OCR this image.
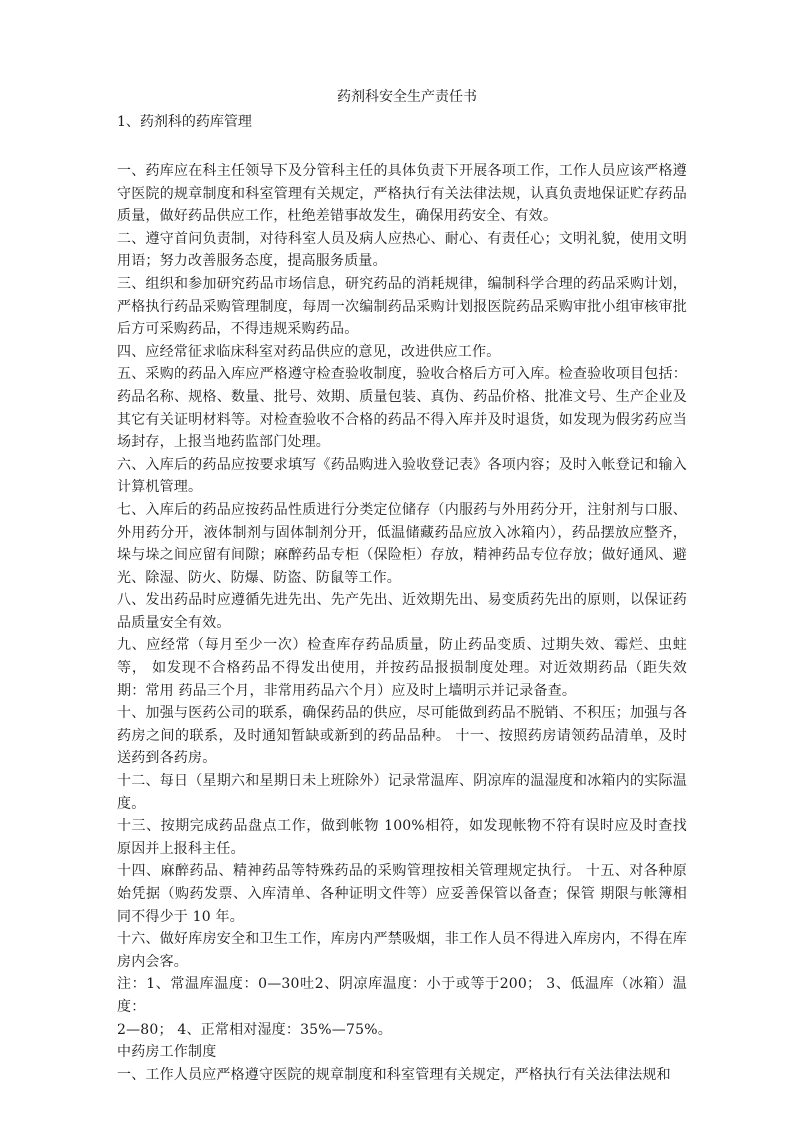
药剂科安全生产责任书
1、药剂科的药库管理

一、药库应在科主任领导下及分管科主任的具体负责下开展各项工作，工作人员应该严格遵 守医院的规章制度和科室管理有关规定，严格执行有关法律法规，认真负责地保证贮存药品 质量，做好药品供应工作，杜绝差错事故发生，确保用药安全、有效。

二、遵守首问负责制，对待科室人员及病人应热心、耐心、有责任心；文明礼貌，使用文明 用语；努力改善服务态度，提高服务质量。

三、组织和参加研究药品市场信息，研究药品的消耗规律，编制科学合理的药品采购计划， 严格执行药品采购管理制度，每周一次编制药品采购计划报医院药品采购审批小组审核审批 后方可采购药品，不得违规采购药品。

四、应经常征求临床科室对药品供应的意见，改进供应工作。

五、采购的药品入库应严格遵守检查验收制度，验收合格后方可入库。检查验收项目包括： 药品名称、规格、数量、批号、效期、质量包装、真伪、药品价格、批准文号、生产企业及 其它有关证明材料等。对检查验收不合格的药品不得入库并及时退货，如发现为假劣药应当 场封存，上报当地药监部门处理。

六、入库后的药品应按要求填写《药品购进入验收登记表》各项内容；及时入帐登记和输入 计算机管理。

七、入库后的药品应按药品性质进行分类定位储存（内服药与外用药分开，注射剂与口服、 外用药分开，液体制剂与固体制剂分开，低温储藏药品应放入冰箱内），药品摆放应整齐， 垛与垛之间应留有间隙；麻醉药品专柜（保险柜）存放，精神药品专位存放；做好通风、避 光、除湿、防火、防爆、防盗、防鼠等工作。

八、发出药品时应遵循先进先出、先产先出、近效期先出、易变质药先出的原则，以保证药 品质量安全有效。

九、应经常（每月至少一次）检查库存药品质量，防止药品变质、过期失效、霉烂、虫蛀等， 如发现不合格药品不得发出使用，并按药品报损制度处理。对近效期药品（距失效期：常用 药品三个月，非常用药品六个月）应及时上墙明示并记录备查。

十、加强与医药公司的联系，确保药品的供应，尽可能做到药品不脱销、不积压；加强与各 药房之间的联系，及时通知暂缺或新到的药品品种。 十一、按照药房请领药品清单，及时送药到各药房。

十二、每日（星期六和星期日未上班除外）记录常温库、阴凉库的温湿度和冰箱内的实际温 度。

十三、按期完成药品盘点工作，做到帐物 100%相符，如发现帐物不符有误时应及时查找原因并上报科主任。

十四、麻醉药品、精神药品等特殊药品的采购管理按相关管理规定执行。 十五、对各种原始凭据（购药发票、入库清单、各种证明文件等）应妥善保管以备查；保管 期限与帐簿相同不得少于 10 年。

十六、做好库房安全和卫生工作，库房内严禁吸烟，非工作人员不得进入库房内，不得在库 房内会客。

注：1、常温库温度：0—30吐2、阴凉库温度：小于或等于200； 3、低温库（冰箱）温度：

2—80； 4、正常相对湿度：35%—75%。

中药房工作制度

一、工作人员应严格遵守医院的规章制度和科室管理有关规定，严格执行有关法律法规和
